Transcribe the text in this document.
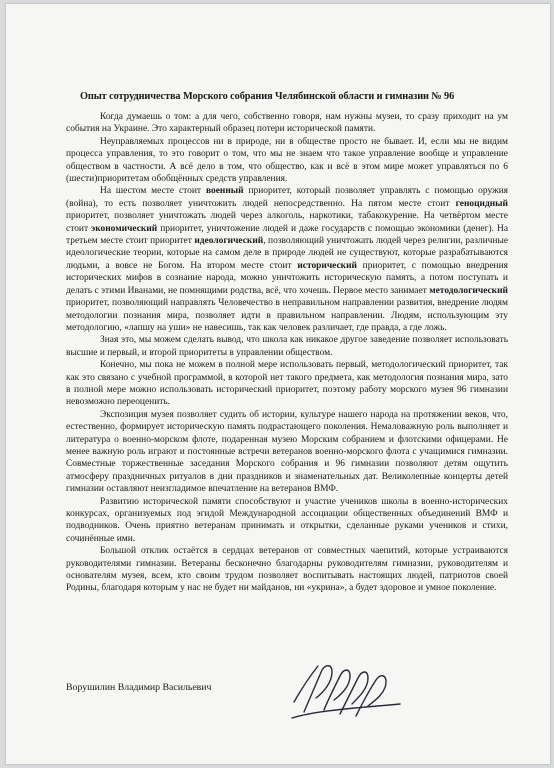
Опыт сотрудничества Морского собрания Челябинской области и гимназии № 96

Когда думаешь о том: а для чего, собственно говоря, нам нужны музеи, то сразу приходит на ум события на Украине. Это характерный образец потери исторической памяти.

Неуправляемых процессов ни в природе, ни в обществе просто не бывает. И, если мы не видим процесса управления, то это говорит о том, что мы не знаем что такое управление вообще и управление обществом в частности. А всё дело в том, что общество, как и всё в этом мире может управляться по 6 (шести)приоритетам обобщённых средств управления.

На шестом месте стоит военный приоритет, который позволяет управлять с помощью оружия (война), то есть позволяет уничтожить людей непосредственно. На пятом месте стоит геноцидный приоритет, позволяет уничтожать людей через алкоголь, наркотики, табакокурение. На четвёртом месте стоит экономический приоритет, уничтожение людей и даже государств с помощью экономики (денег). На третьем месте стоит приоритет идеологический, позволяющий уничтожать людей через религии, различные идеологические теории, которые на самом деле в природе людей не существуют, которые разрабатываются людьми, а вовсе не Богом. На втором месте стоит исторический приоритет, с помощью внедрения исторических мифов в сознание народа, можно уничтожить историческую память, а потом поступать и делать с этими Иванами, не помнящими родства, всё, что хочешь. Первое место занимает методологический приоритет, позволяющий направлять Человечество в неправильном направлении развития, внедрение людям методологии познания мира, позволяет идти в правильном направлении. Людям, использующим эту методологию, «лапшу на уши» не навесишь, так как человек различает, где правда, а где ложь.

Зная это, мы можем сделать вывод, что школа как никакое другое заведение позволяет использовать высшие и первый, и второй приоритеты в управлении обществом.

Конечно, мы пока не можем в полной мере использовать первый, методологический приоритет, так как это связано с учебной программой, в которой нет такого предмета, как методология познания мира, зато в полной мере можно использовать исторический приоритет, поэтому работу морского музея 96 гимназии невозможно переоценить.

Экспозиция музея позволяет судить об истории, культуре нашего народа на протяжении веков, что, естественно, формирует историческую память подрастающего поколения. Немаловажную роль выполняет и литература о военно-морском флоте, подаренная музею Морским собранием и флотскими офицерами. Не менее важную роль играют и постоянные встречи ветеранов военно-морского флота с учащимися гимназии. Совместные торжественные заседания Морского собрания и 96 гимназии позволяют детям ощутить атмосферу праздничных ритуалов в дни праздников и знаменательных дат. Великолепные концерты детей гимназии оставляют неизгладимое впечатление на ветеранов ВМФ.

Развитию исторической памяти способствуют и участие учеников школы в военно-исторических конкурсах, организуемых под эгидой Международной ассоциации общественных объединений ВМФ и подводников. Очень приятно ветеранам принимать и открытки, сделанные руками учеников и стихи, сочинённые ими.

Большой отклик остаётся в сердцах ветеранов от совместных чаепитий, которые устраиваются руководителями гимназии. Ветераны бесконечно благодарны руководителям гимназии, руководителям и основателям музея, всем, кто своим трудом позволяет воспитывать настоящих людей, патриотов своей Родины, благодаря которым у нас не будет ни майданов, ни «укрина», а будет здоровое и умное поколение.

Ворушилин Владимир Васильевич
